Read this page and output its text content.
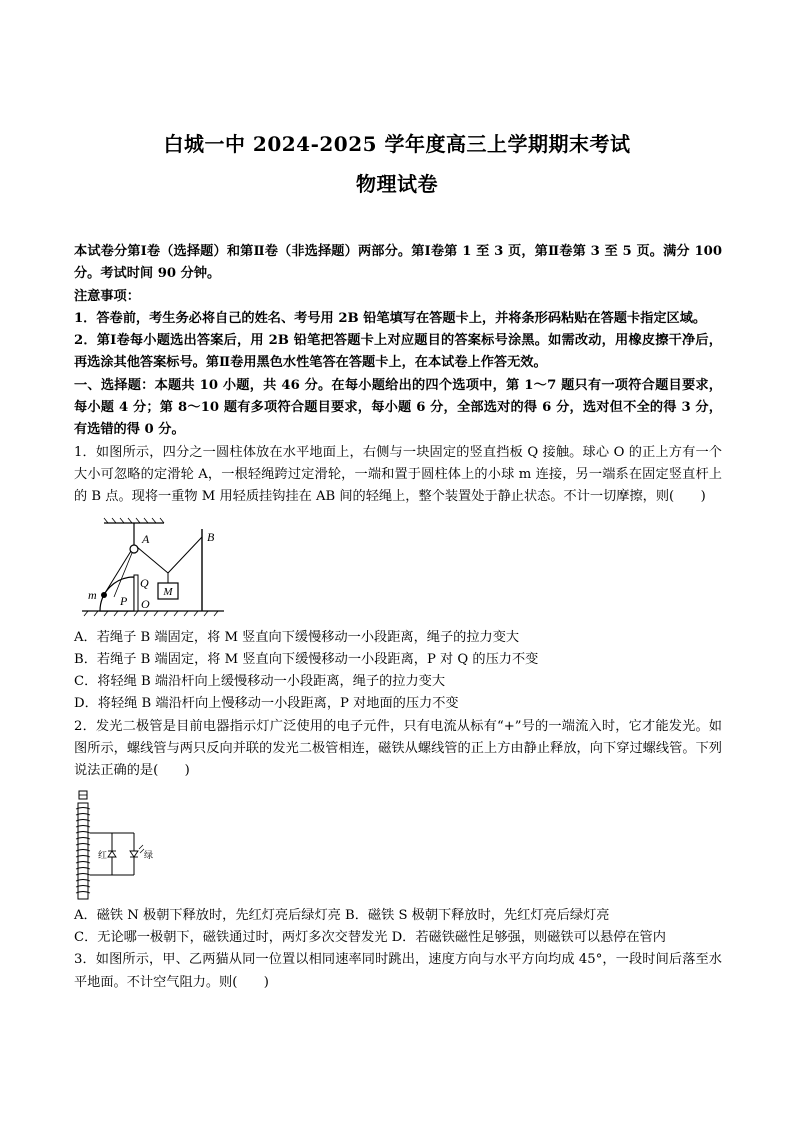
白城一中 2024-2025 学年度高三上学期期末考试
物理试卷

本试卷分第Ⅰ卷（选择题）和第Ⅱ卷（非选择题）两部分。第Ⅰ卷第 1 至 3 页，第Ⅱ卷第 3 至 5 页。满分 100 分。考试时间 90 分钟。

注意事项：

1．答卷前，考生务必将自己的姓名、考号用 2B 铅笔填写在答题卡上，并将条形码粘贴在答题卡指定区域。

2．第Ⅰ卷每小题选出答案后，用 2B 铅笔把答题卡上对应题目的答案标号涂黑。如需改动，用橡皮擦干净后，再选涂其他答案标号。第Ⅱ卷用黑色水性笔答在答题卡上，在本试卷上作答无效。

一、选择题：本题共 10 小题，共 46 分。在每小题给出的四个选项中，第 1～7 题只有一项符合题目要求，每小题 4 分；第 8～10 题有多项符合题目要求，每小题 6 分，全部选对的得 6 分，选对但不全的得 3 分，有选错的得 0 分。

1．如图所示，四分之一圆柱体放在水平地面上，右侧与一块固定的竖直挡板 Q 接触。球心 O 的正上方有一个大小可忽略的定滑轮 A，一根轻绳跨过定滑轮，一端和置于圆柱体上的小球 m 连接，另一端系在固定竖直杆上的 B 点。现将一重物 M 用轻质挂钩挂在 AB 间的轻绳上，整个装置处于静止状态。不计一切摩擦，则(　　)

M
A	B
m
Q
P O

A．若绳子 B 端固定，将 M 竖直向下缓慢移动一小段距离，绳子的拉力变大

B．若绳子 B 端固定，将 M 竖直向下缓慢移动一小段距离，P 对 Q 的压力不变

C．将轻绳 B 端沿杆向上缓慢移动一小段距离，绳子的拉力变大

D．将轻绳 B 端沿杆向上慢移动一小段距离，P 对地面的压力不变

2．发光二极管是目前电器指示灯广泛使用的电子元件，只有电流从标有“+”号的一端流入时，它才能发光。如图所示，螺线管与两只反向并联的发光二极管相连，磁铁从螺线管的正上方由静止释放，向下穿过螺线管。下列说法正确的是(　　)

红	绿

A．磁铁 N 极朝下释放时，先红灯亮后绿灯亮 B．磁铁 S 极朝下释放时，先红灯亮后绿灯亮

C．无论哪一极朝下，磁铁通过时，两灯多次交替发光 D．若磁铁磁性足够强，则磁铁可以悬停在管内

3．如图所示，甲、乙两猫从同一位置以相同速率同时跳出，速度方向与水平方向均成 45°，一段时间后落至水平地面。不计空气阻力。则(　　)
